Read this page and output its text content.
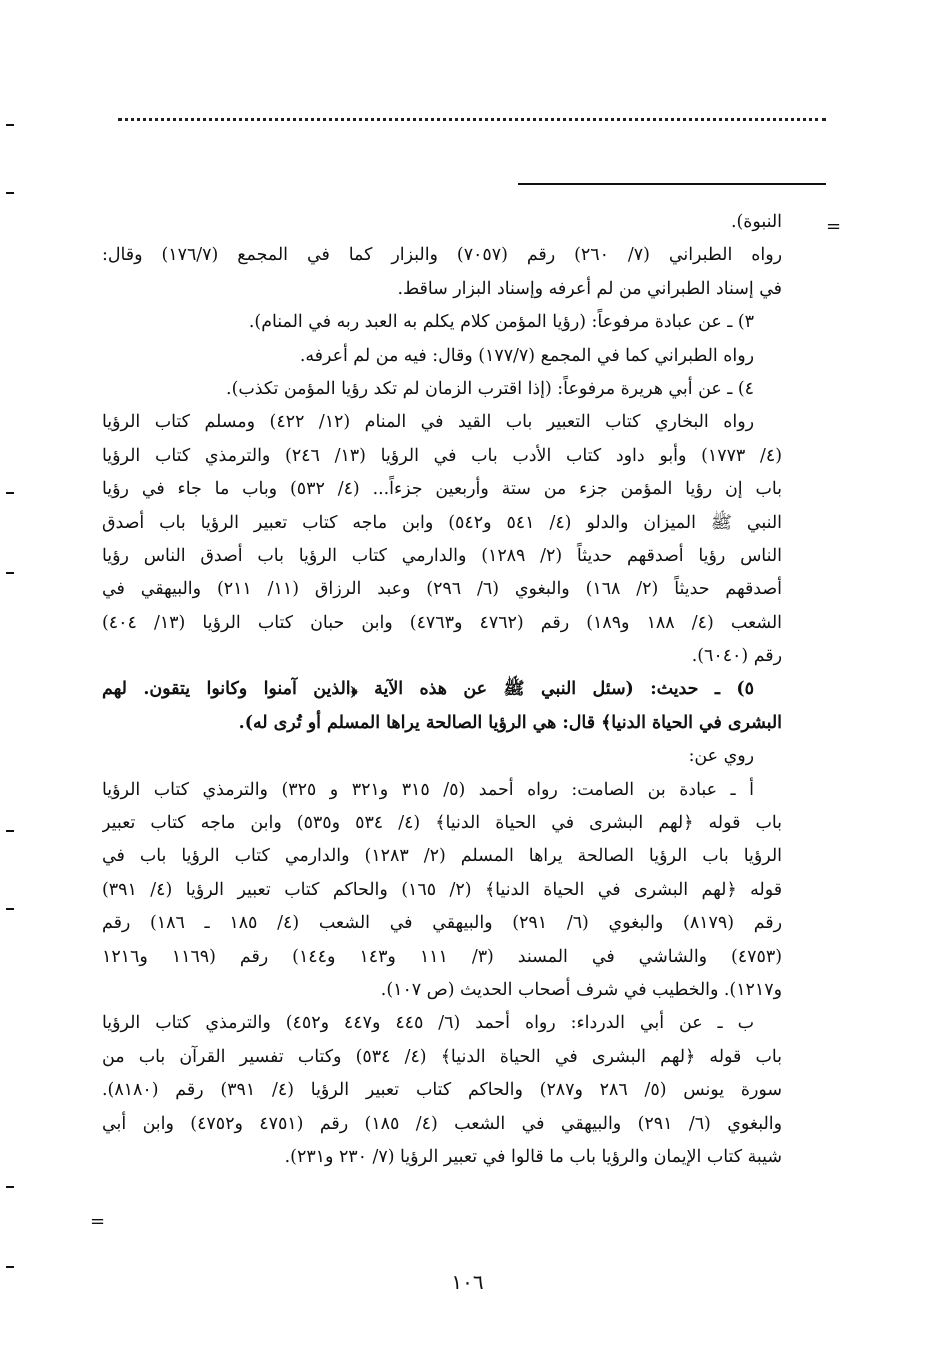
=
=
النبوة).
رواه الطبراني (٧/ ٢٦٠) رقم (٧٠٥٧) والبزار كما في المجمع (١٧٦/٧) وقال:
في إسناد الطبراني من لم أعرفه وإسناد البزار ساقط.
٣) ـ عن عبادة مرفوعاً: (رؤيا المؤمن كلام يكلم به العبد ربه في المنام).
رواه الطبراني كما في المجمع (١٧٧/٧) وقال: فيه من لم أعرفه.
٤) ـ عن أبي هريرة مرفوعاً: (إذا اقترب الزمان لم تكد رؤيا المؤمن تكذب).
رواه البخاري كتاب التعبير باب القيد في المنام (١٢/ ٤٢٢) ومسلم كتاب الرؤيا
(٤/ ١٧٧٣) وأبو داود كتاب الأدب باب في الرؤيا (١٣/ ٢٤٦) والترمذي كتاب الرؤيا
باب إن رؤيا المؤمن جزء من ستة وأربعين جزءاً... (٤/ ٥٣٢) وباب ما جاء في رؤيا
النبي ﷺ الميزان والدلو (٤/ ٥٤١ و٥٤٢) وابن ماجه كتاب تعبير الرؤيا باب أصدق
الناس رؤيا أصدقهم حديثاً (٢/ ١٢٨٩) والدارمي كتاب الرؤيا باب أصدق الناس رؤيا
أصدقهم حديثاً (٢/ ١٦٨) والبغوي (٦/ ٢٩٦) وعبد الرزاق (١١/ ٢١١) والبيهقي في
الشعب (٤/ ١٨٨ و١٨٩) رقم (٤٧٦٢ و٤٧٦٣) وابن حبان كتاب الرؤيا (١٣/ ٤٠٤)
رقم (٦٠٤٠).
٥) ـ حديث: (سئل النبي ﷺ عن هذه الآية ﴿الذين آمنوا وكانوا يتقون. لهم
البشرى في الحياة الدنيا﴾ قال: هي الرؤيا الصالحة يراها المسلم أو تُرى له).
روي عن:
أ ـ عبادة بن الصامت: رواه أحمد (٥/ ٣١٥ و٣٢١ و ٣٢٥) والترمذي كتاب الرؤيا
باب قوله ﴿لهم البشرى في الحياة الدنيا﴾ (٤/ ٥٣٤ و٥٣٥) وابن ماجه كتاب تعبير
الرؤيا باب الرؤيا الصالحة يراها المسلم (٢/ ١٢٨٣) والدارمي كتاب الرؤيا باب في
قوله ﴿لهم البشرى في الحياة الدنيا﴾ (٢/ ١٦٥) والحاكم كتاب تعبير الرؤيا (٤/ ٣٩١)
رقم (٨١٧٩) والبغوي (٦/ ٢٩١) والبيهقي في الشعب (٤/ ١٨٥ ـ ١٨٦) رقم
(٤٧٥٣) والشاشي في المسند (٣/ ١١١ و١٤٣ و١٤٤) رقم (١١٦٩ و١٢١٦
و١٢١٧). والخطيب في شرف أصحاب الحديث (ص ١٠٧).
ب ـ عن أبي الدرداء: رواه أحمد (٦/ ٤٤٥ و٤٤٧ و٤٥٢) والترمذي كتاب الرؤيا
باب قوله ﴿لهم البشرى في الحياة الدنيا﴾ (٤/ ٥٣٤) وكتاب تفسير القرآن باب من
سورة يونس (٥/ ٢٨٦ و٢٨٧) والحاكم كتاب تعبير الرؤيا (٤/ ٣٩١) رقم (٨١٨٠).
والبغوي (٦/ ٢٩١) والبيهقي في الشعب (٤/ ١٨٥) رقم (٤٧٥١ و٤٧٥٢) وابن أبي
شيبة كتاب الإيمان والرؤيا باب ما قالوا في تعبير الرؤيا (٧/ ٢٣٠ و٢٣١).
١٠٦
